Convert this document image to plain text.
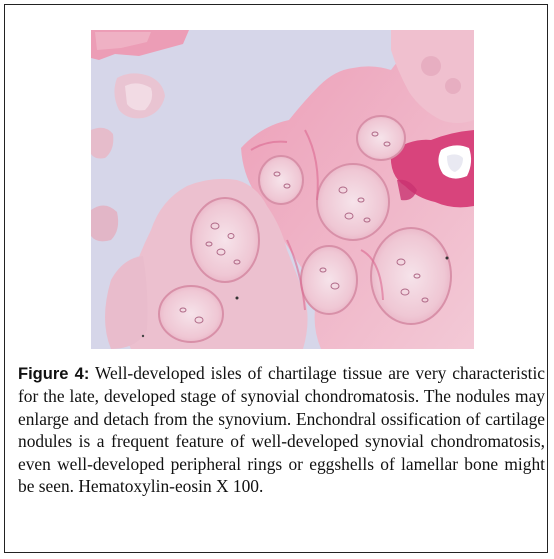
Figure 4: Well-developed isles of chartilage tissue are very characteristic for the late, developed stage of synovial chondromatosis. The nodules may enlarge and detach from the synovium. Enchondral ossification of cartilage nodules is a frequent feature of well-developed synovial chondromatosis, even well-developed peripheral rings or eggshells of lamellar bone might be seen. Hematoxylin-eosin X 100.
